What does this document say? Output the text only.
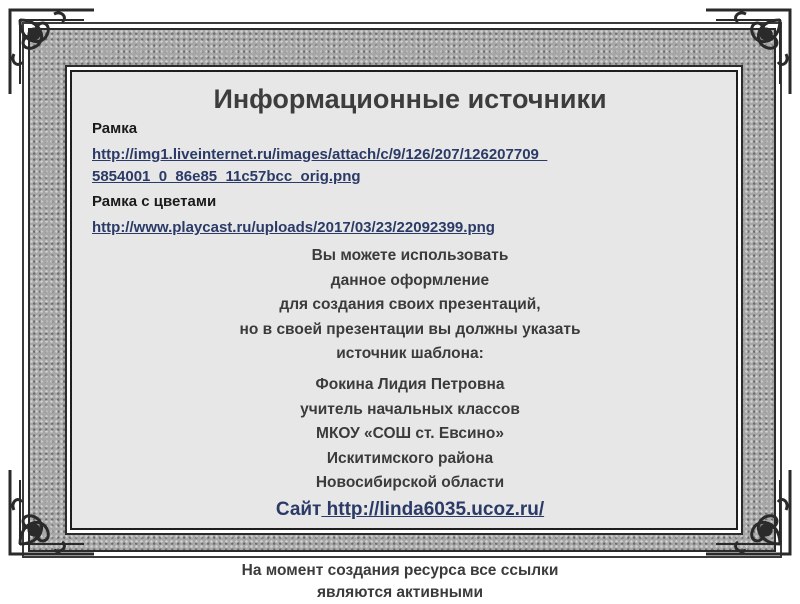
Информационные источники
Рамка
http://img1.liveinternet.ru/images/attach/c/9/126/207/126207709_
5854001_0_86e85_11c57bcc_orig.png
Рамка с цветами
http://www.playcast.ru/uploads/2017/03/23/22092399.png
Вы можете использовать
данное оформление
для создания своих презентаций,
но в своей презентации вы должны указать
источник шаблона:
Фокина Лидия Петровна
учитель начальных классов
МКОУ «СОШ ст. Евсино»
Искитимского района
Новосибирской области
Сайт http://linda6035.ucoz.ru/
На момент создания ресурса все ссылки
являются активными
